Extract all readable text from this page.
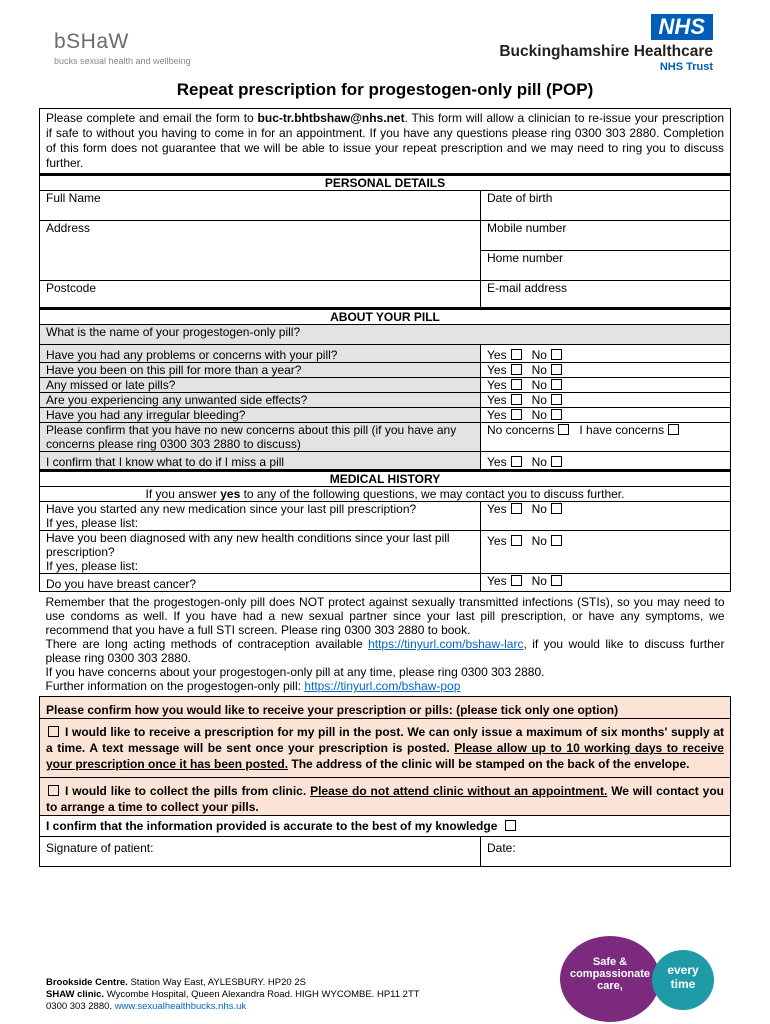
bSHaW
bucks sexual health and wellbeing
NHS
Buckinghamshire Healthcare
NHS Trust
Repeat prescription for progestogen-only pill (POP)
Please complete and email the form to buc-tr.bhtbshaw@nhs.net. This form will allow a clinician to re-issue your prescription if safe to without you having to come in for an appointment. If you have any questions please ring 0300 303 2880. Completion of this form does not guarantee that we will be able to issue your repeat prescription and we may need to ring you to discuss further.	
PERSONAL DETAILS	
Full Name	Date of birth
Address	Mobile number
	Home number
Postcode	E-mail address
ABOUT YOUR PILL	
What is the name of your progestogen-only pill?	
Have you had any problems or concerns with your pill?	Yes No
Have you been on this pill for more than a year?	Yes No
Any missed or late pills?	Yes No
Are you experiencing any unwanted side effects?	Yes No
Have you had any irregular bleeding?	Yes No
Please confirm that you have no new concerns about this pill (if you have any concerns please ring 0300 303 2880 to discuss)	No concerns I have concerns
I confirm that I know what to do if I miss a pill	Yes No
MEDICAL HISTORY	
If you answer yes to any of the following questions, we may contact you to discuss further.	

Have you started any new medication since your last pill prescription?
If yes, please list:	Yes No

Have you been diagnosed with any new health conditions since your last pill prescription?
If yes, please list:	Yes No
Do you have breast cancer?	Yes No

Remember that the progestogen-only pill does NOT protect against sexually transmitted infections (STIs), so you may need to use condoms as well. If you have had a new sexual partner since your last pill prescription, or have any symptoms, we recommend that you have a full STI screen. Please ring 0300 303 2880 to book.
There are long acting methods of contraception available https://tinyurl.com/bshaw-larc, if you would like to discuss further please ring 0300 303 2880.
If you have concerns about your progestogen-only pill at any time, please ring 0300 303 2880.
Further information on the progestogen-only pill: https://tinyurl.com/bshaw-pop	

Please confirm how you would like to receive your prescription or pills: (please tick only one option)	
I would like to receive a prescription for my pill in the post. We can only issue a maximum of six months' supply at a time. A text message will be sent once your prescription is posted. Please allow up to 10 working days to receive your prescription once it has been posted. The address of the clinic will be stamped on the back of the envelope.	
I would like to collect the pills from clinic. Please do not attend clinic without an appointment. We will contact you to arrange a time to collect your pills.	
I confirm that the information provided is accurate to the best of my knowledge	
Signature of patient:	Date:
Brookside Centre. Station Way East, AYLESBURY. HP20 2S
SHAW clinic. Wycombe Hospital, Queen Alexandra Road. HIGH WYCOMBE. HP11 2TT
0300 303 2880. www.sexualhealthbucks.nhs.uk
Safe &
compassionate
care,
every
time
